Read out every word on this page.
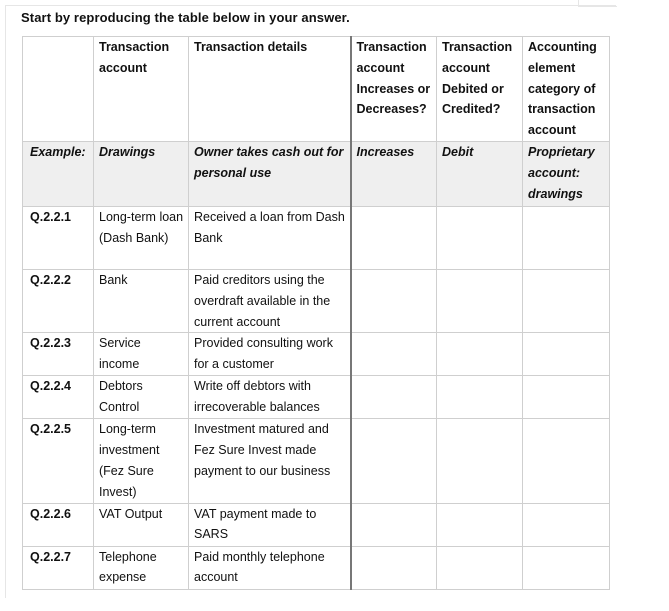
Start by reproducing the table below in your answer.
	Transaction account	Transaction details	Transaction account Increases or Decreases?	Transaction account Debited or Credited?	Accounting element category of transaction account
Example:	Drawings	Owner takes cash out for personal use	Increases	Debit	Proprietary account: drawings
Q.2.2.1	Long-term loan (Dash Bank)	Received a loan from Dash Bank			
Q.2.2.2	Bank	Paid creditors using the overdraft available in the current account			
Q.2.2.3	Service income	Provided consulting work for a customer			
Q.2.2.4	Debtors Control	Write off debtors with irrecoverable balances			
Q.2.2.5	Long-term investment (Fez Sure Invest)	Investment matured and Fez Sure Invest made payment to our business			
Q.2.2.6	VAT Output	VAT payment made to SARS			
Q.2.2.7	Telephone expense	Paid monthly telephone account			
